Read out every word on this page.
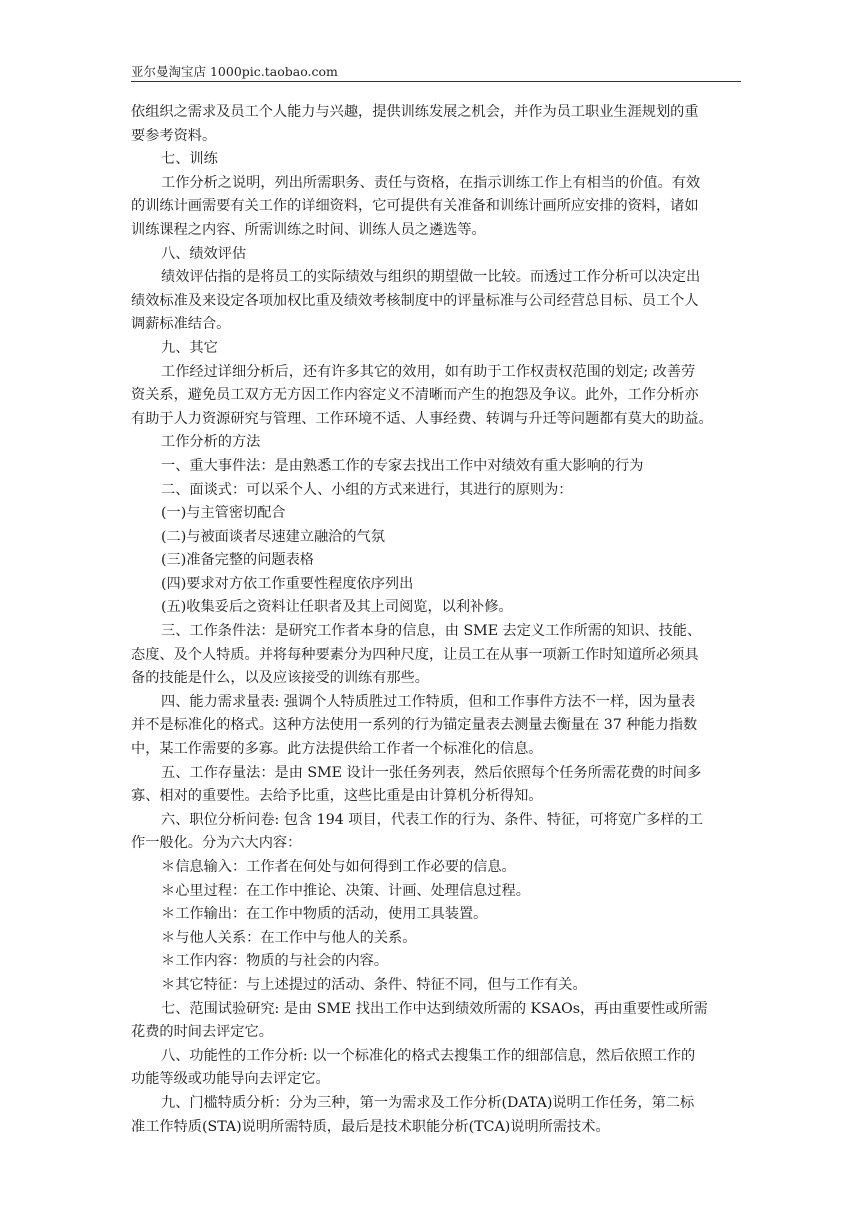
亚尔曼淘宝店 1000pic.taobao.com
依组织之需求及员工个人能力与兴趣，提供训练发展之机会，并作为员工职业生涯规划的重
要参考资料。
七、训练
工作分析之说明，列出所需职务、责任与资格，在指示训练工作上有相当的价值。有效
的训练计画需要有关工作的详细资料，它可提供有关准备和训练计画所应安排的资料，诸如
训练课程之内容、所需训练之时间、训练人员之遴选等。
八、绩效评估
绩效评估指的是将员工的实际绩效与组织的期望做一比较。而透过工作分析可以决定出
绩效标准及来设定各项加权比重及绩效考核制度中的评量标准与公司经营总目标、员工个人
调薪标准结合。
九、其它
工作经过详细分析后，还有许多其它的效用，如有助于工作权责权范围的划定; 改善劳
资关系，避免员工双方无方因工作内容定义不清晰而产生的抱怨及争议。此外，工作分析亦
有助于人力资源研究与管理、工作环境不适、人事经费、转调与升迁等问题都有莫大的助益。
工作分析的方法
一、重大事件法：是由熟悉工作的专家去找出工作中对绩效有重大影响的行为
二、面谈式：可以采个人、小组的方式来进行，其进行的原则为：
(一)与主管密切配合
(二)与被面谈者尽速建立融洽的气氛
(三)准备完整的问题表格
(四)要求对方依工作重要性程度依序列出
(五)收集妥后之资料让任职者及其上司阅览，以利补修。
三、工作条件法：是研究工作者本身的信息，由 SME 去定义工作所需的知识、技能、
态度、及个人特质。并将每种要素分为四种尺度，让员工在从事一项新工作时知道所必须具
备的技能是什么，以及应该接受的训练有那些。
四、能力需求量表: 强调个人特质胜过工作特质，但和工作事件方法不一样，因为量表
并不是标准化的格式。这种方法使用一系列的行为锚定量表去测量去衡量在 37 种能力指数
中，某工作需要的多寡。此方法提供给工作者一个标准化的信息。
五、工作存量法：是由 SME 设计一张任务列表，然后依照每个任务所需花费的时间多
寡、相对的重要性。去给予比重，这些比重是由计算机分析得知。
六、职位分析问卷: 包含 194 项目，代表工作的行为、条件、特征，可将宽广多样的工
作一般化。分为六大内容：
＊信息输入：工作者在何处与如何得到工作必要的信息。
＊心里过程：在工作中推论、决策、计画、处理信息过程。
＊工作输出：在工作中物质的活动，使用工具装置。
＊与他人关系：在工作中与他人的关系。
＊工作内容：物质的与社会的内容。
＊其它特征：与上述提过的活动、条件、特征不同，但与工作有关。
七、范围试验研究: 是由 SME 找出工作中达到绩效所需的 KSAOs，再由重要性或所需
花费的时间去评定它。
八、功能性的工作分析: 以一个标准化的格式去搜集工作的细部信息，然后依照工作的
功能等级或功能导向去评定它。
九、门槛特质分析：分为三种，第一为需求及工作分析(DATA)说明工作任务，第二标
准工作特质(STA)说明所需特质，最后是技术职能分析(TCA)说明所需技术。
